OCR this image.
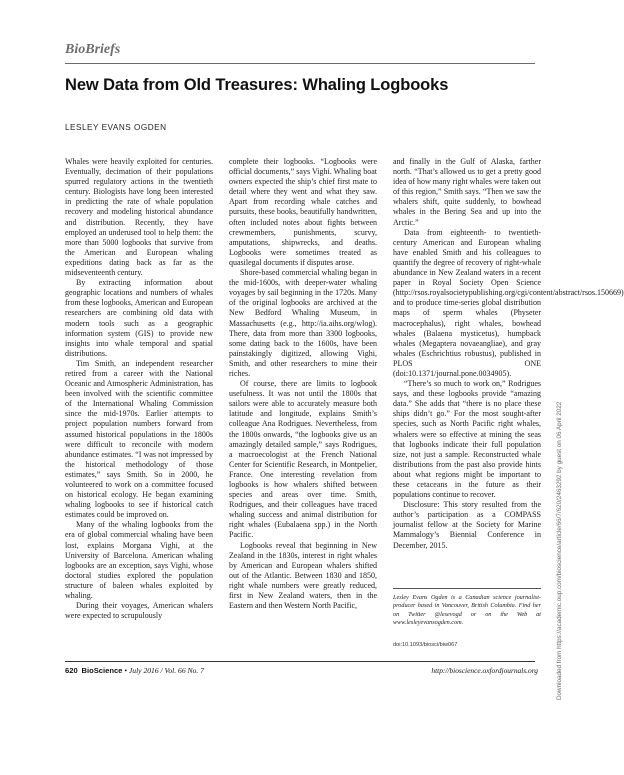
BioBriefs
New Data from Old Treasures: Whaling Logbooks
LESLEY EVANS OGDEN

Whales were heavily exploited for centuries. Eventually, decimation of their populations spurred regulatory actions in the twentieth century. Biologists have long been interested in predicting the rate of whale population recovery and modeling historical abundance and distribution. Recently, they have employed an underused tool to help them: the more than 5000 logbooks that survive from the American and European whaling expeditions dating back as far as the midseventeenth century.

By extracting information about geographic locations and numbers of whales from these logbooks, American and European researchers are combining old data with modern tools such as a geographic information system (GIS) to provide new insights into whale temporal and spatial distributions.

Tim Smith, an independent researcher retired from a career with the National Oceanic and Atmospheric Administration, has been involved with the scientific committee of the International Whaling Commission since the mid-1970s. Earlier attempts to project population numbers forward from assumed historical populations in the 1800s were difficult to reconcile with modern abundance estimates. “I was not impressed by the historical methodology of those estimates,” says Smith. So in 2000, he volunteered to work on a committee focused on historical ecology. He began examining whaling logbooks to see if historical catch estimates could be improved on.

Many of the whaling logbooks from the era of global commercial whaling have been lost, explains Morgana Vighi, at the University of Barcelona. American whaling logbooks are an exception, says Vighi, whose doctoral studies explored the population structure of baleen whales exploited by whaling.

During their voyages, American whalers were expected to scrupulously

complete their logbooks. “Logbooks were official documents,” says Vighi. Whaling boat owners expected the ship’s chief first mate to detail where they went and what they saw. Apart from recording whale catches and pursuits, these books, beautifully handwritten, often included notes about fights between crewmembers, punishments, scurvy, amputations, shipwrecks, and deaths. Logbooks were sometimes treated as quasilegal documents if disputes arose.

Shore-based commercial whaling began in the mid-1600s, with deeper-water whaling voyages by sail beginning in the 1720s. Many of the original logbooks are archived at the New Bedford Whaling Museum, in Massachusetts (e.g., http://ia.aihs.org/wlog). There, data from more than 3300 logbooks, some dating back to the 1600s, have been painstakingly digitized, allowing Vighi, Smith, and other researchers to mine their riches.

Of course, there are limits to logbook usefulness. It was not until the 1800s that sailors were able to accurately measure both latitude and longitude, explains Smith’s colleague Ana Rodrigues. Nevertheless, from the 1800s onwards, “the logbooks give us an amazingly detailed sample,” says Rodrigues, a macroecologist at the French National Center for Scientific Research, in Montpelier, France. One interesting revelation from logbooks is how whalers shifted between species and areas over time. Smith, Rodrigues, and their colleagues have traced whaling success and animal distribution for right whales (Eubalaena spp.) in the North Pacific.

Logbooks reveal that beginning in New Zealand in the 1830s, interest in right whales by American and European whalers shifted out of the Atlantic. Between 1830 and 1850, right whale numbers were greatly reduced, first in New Zealand waters, then in the Eastern and then Western North Pacific,

and finally in the Gulf of Alaska, farther north. “That’s allowed us to get a pretty good idea of how many right whales were taken out of this region,” Smith says. “Then we saw the whalers shift, quite suddenly, to bowhead whales in the Bering Sea and up into the Arctic.”

Data from eighteenth- to twentieth-century American and European whaling have enabled Smith and his colleagues to quantify the degree of recovery of right-whale abundance in New Zealand waters in a recent paper in Royal Society Open Science (http://rsos.royalsocietypublishing.org/cgi/content/abstract/rsos.150669) and to produce time-series global distribution maps of sperm whales (Physeter macrocephalus), right whales, bowhead whales (Balaena mysticetus), humpback whales (Megaptera novaeangliae), and gray whales (Eschrichtius robustus), published in PLOS ONE (doi:10.1371/journal.pone.0034905).

“There’s so much to work on,” Rodrigues says, and these logbooks provide “amazing data.” She adds that “there is no place these ships didn’t go.” For the most sought-after species, such as North Pacific right whales, whalers were so effective at mining the seas that logbooks indicate their full population size, not just a sample. Reconstructed whale distributions from the past also provide hints about what regions might be important to these cetaceans in the future as their populations continue to recover.

Disclosure: This story resulted from the author’s participation as a COMPASS journalist fellow at the Society for Marine Mammalogy’s Biennial Conference in December, 2015.

Lesley Evans Ogden is a Canadian science journalist-producer based in Vancouver, British Columbia. Find her on Twitter @lesevogd or on the Web at www.lesleyevansogden.com.
doi:10.1093/biosci/biw067	Downloaded from https://academic.oup.com/bioscience/article/66/7/620/2463292 by guest on 06 April 2022
620 BioScience • July 2016 / Vol. 66 No. 7	http://bioscience.oxfordjournals.org
